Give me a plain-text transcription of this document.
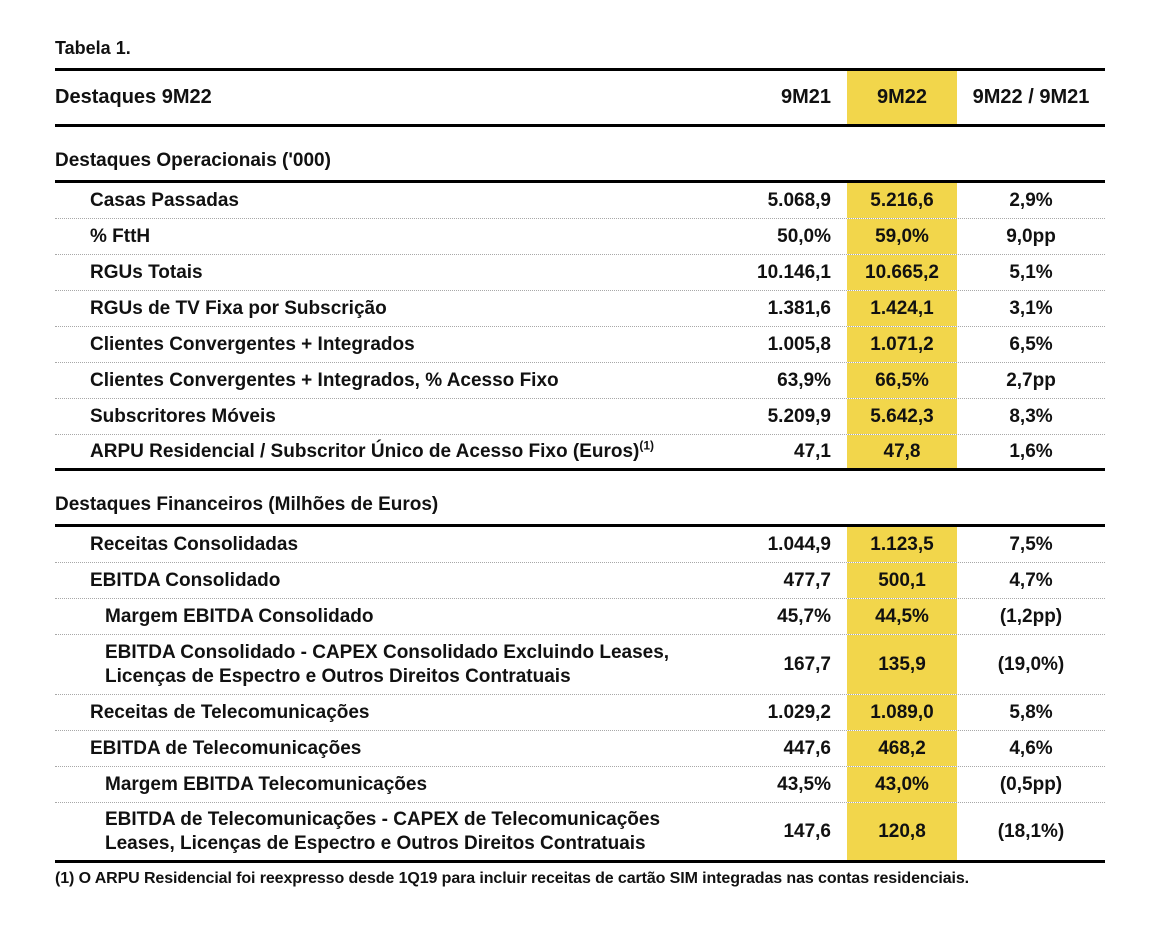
Tabela 1.
Destaques 9M22	9M21	9M22	9M22 / 9M21
Destaques Operacionais ('000)
Casas Passadas	5.068,9	5.216,6	2,9%
% FttH	50,0%	59,0%	9,0pp
RGUs Totais	10.146,1	10.665,2	5,1%
RGUs de TV Fixa por Subscrição	1.381,6	1.424,1	3,1%
Clientes Convergentes + Integrados	1.005,8	1.071,2	6,5%
Clientes Convergentes + Integrados, % Acesso Fixo	63,9%	66,5%	2,7pp
Subscritores Móveis	5.209,9	5.642,3	8,3%
ARPU Residencial / Subscritor Único de Acesso Fixo (Euros)$^{(1)}$	47,1	47,8	1,6%
Destaques Financeiros (Milhões de Euros)
Receitas Consolidadas	1.044,9	1.123,5	7,5%
EBITDA Consolidado	477,7	500,1	4,7%
Margem EBITDA Consolidado	45,7%	44,5%	(1,2pp)
EBITDA Consolidado - CAPEX Consolidado Excluindo Leases,
Licenças de Espectro e Outros Direitos Contratuais
167,7	135,9	(19,0%)
Receitas de Telecomunicações	1.029,2	1.089,0	5,8%
EBITDA de Telecomunicações	447,6	468,2	4,6%
Margem EBITDA Telecomunicações	43,5%	43,0%	(0,5pp)
EBITDA de Telecomunicações - CAPEX de Telecomunicações
Leases, Licenças de Espectro e Outros Direitos Contratuais
147,6	120,8	(18,1%)
(1) O ARPU Residencial foi reexpresso desde 1Q19 para incluir receitas de cartão SIM integradas nas contas residenciais.
